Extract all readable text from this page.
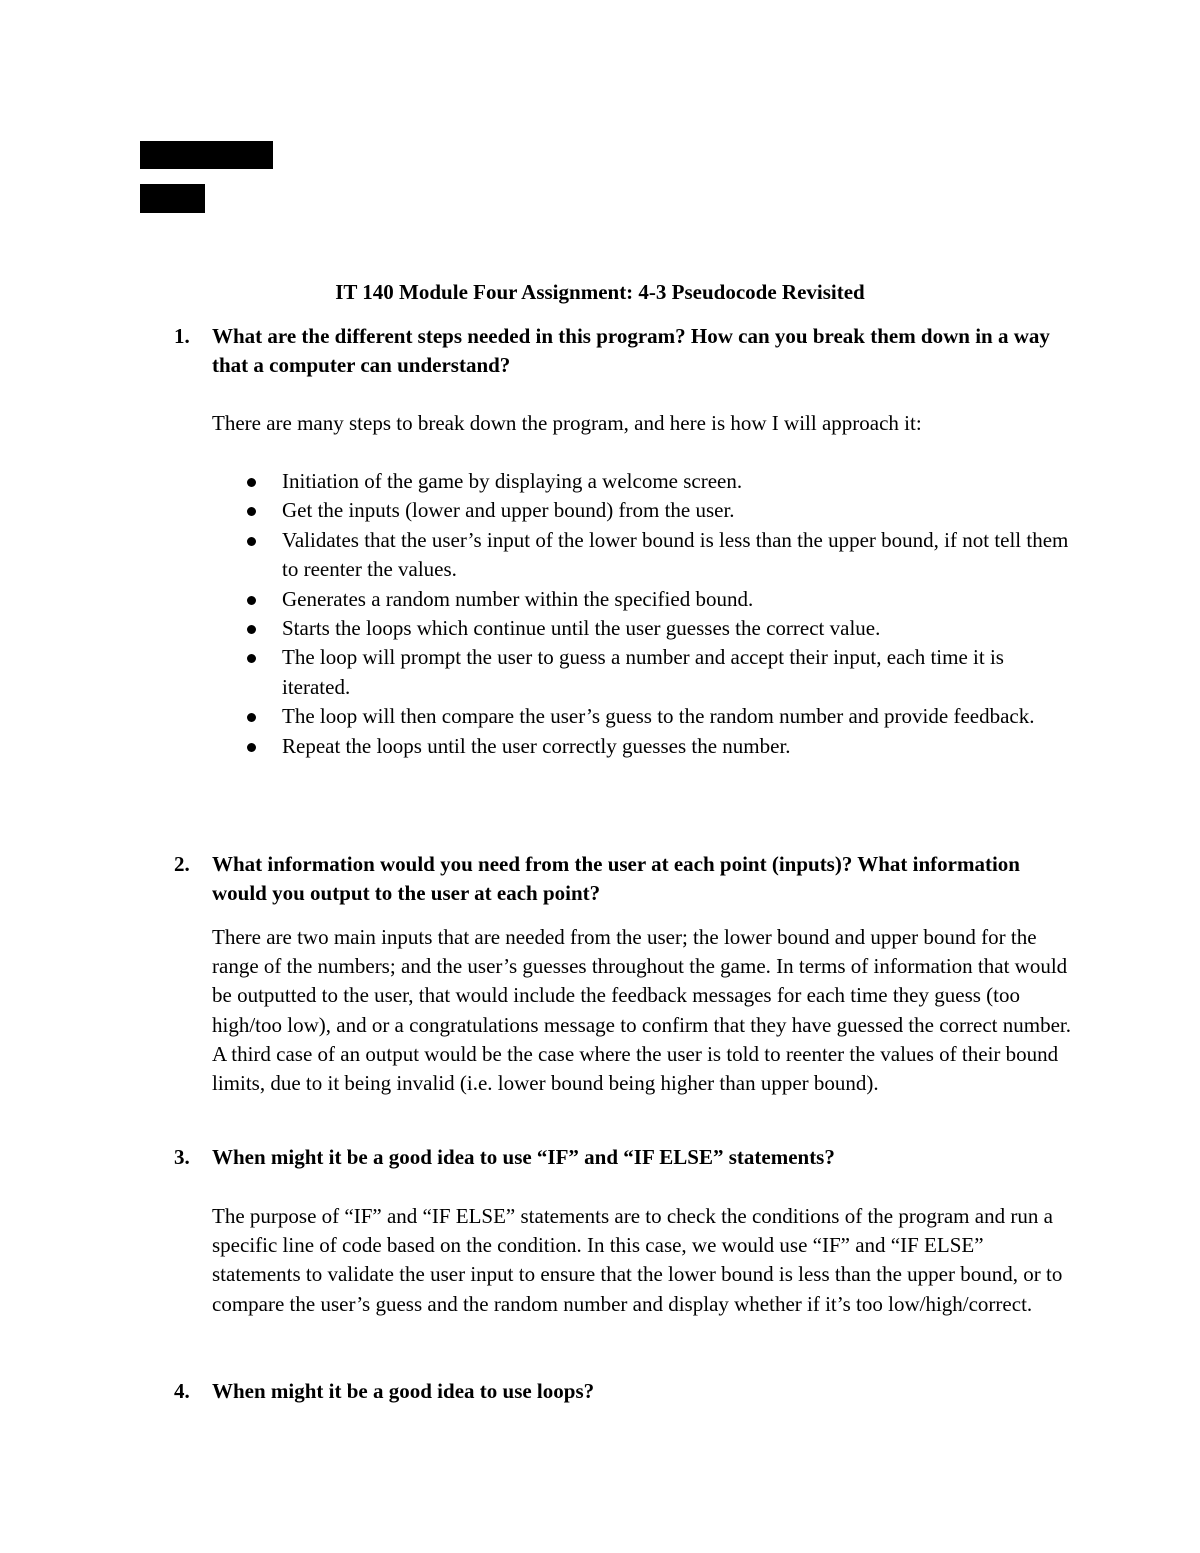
IT 140 Module Four Assignment: 4-3 Pseudocode Revisited
1. What are the different steps needed in this program? How can you break them down in a way that a computer can understand?
There are many steps to break down the program, and here is how I will approach it:
Initiation of the game by displaying a welcome screen.
Get the inputs (lower and upper bound) from the user.
Validates that the user’s input of the lower bound is less than the upper bound, if not tell them to reenter the values.
Generates a random number within the specified bound.
Starts the loops which continue until the user guesses the correct value.
The loop will prompt the user to guess a number and accept their input, each time it is iterated.
The loop will then compare the user’s guess to the random number and provide feedback.
Repeat the loops until the user correctly guesses the number.
2. What information would you need from the user at each point (inputs)? What information would you output to the user at each point?
There are two main inputs that are needed from the user; the lower bound and upper bound for the range of the numbers; and the user’s guesses throughout the game. In terms of information that would be outputted to the user, that would include the feedback messages for each time they guess (too high/too low), and or a congratulations message to confirm that they have guessed the correct number. A third case of an output would be the case where the user is told to reenter the values of their bound limits, due to it being invalid (i.e. lower bound being higher than upper bound).
3. When might it be a good idea to use “IF” and “IF ELSE” statements?
The purpose of “IF” and “IF ELSE” statements are to check the conditions of the program and run a specific line of code based on the condition. In this case, we would use “IF” and “IF ELSE” statements to validate the user input to ensure that the lower bound is less than the upper bound, or to compare the user’s guess and the random number and display whether if it’s too low/high/correct.
4. When might it be a good idea to use loops?
